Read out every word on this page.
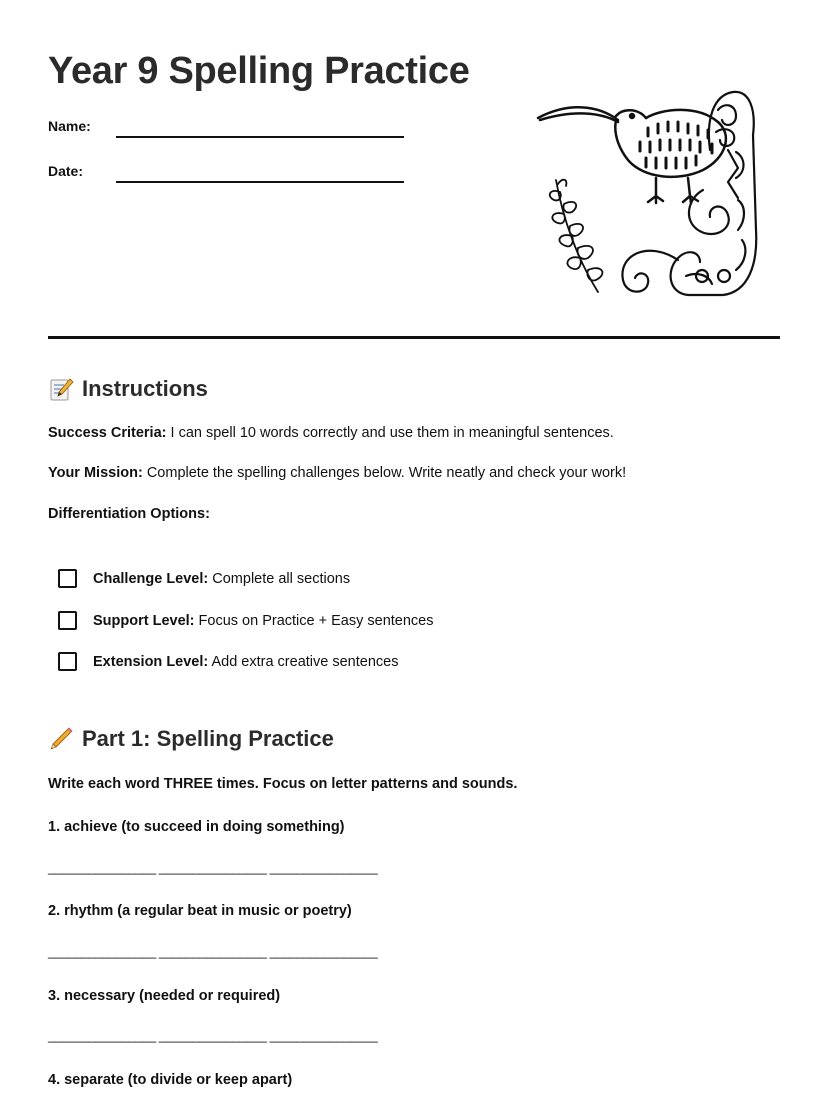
Year 9 Spelling Practice
Name:
Date:
Instructions
Success Criteria: I can spell 10 words correctly and use them in meaningful sentences.
Your Mission: Complete the spelling challenges below. Write neatly and check your work!
Differentiation Options:
Challenge Level: Complete all sections
Support Level: Focus on Practice + Easy sentences
Extension Level: Add extra creative sentences
Part 1: Spelling Practice
Write each word THREE times. Focus on letter patterns and sounds.
1. achieve (to succeed in doing something)
________________ ________________ ________________
2. rhythm (a regular beat in music or poetry)
________________ ________________ ________________
3. necessary (needed or required)
________________ ________________ ________________
4. separate (to divide or keep apart)
